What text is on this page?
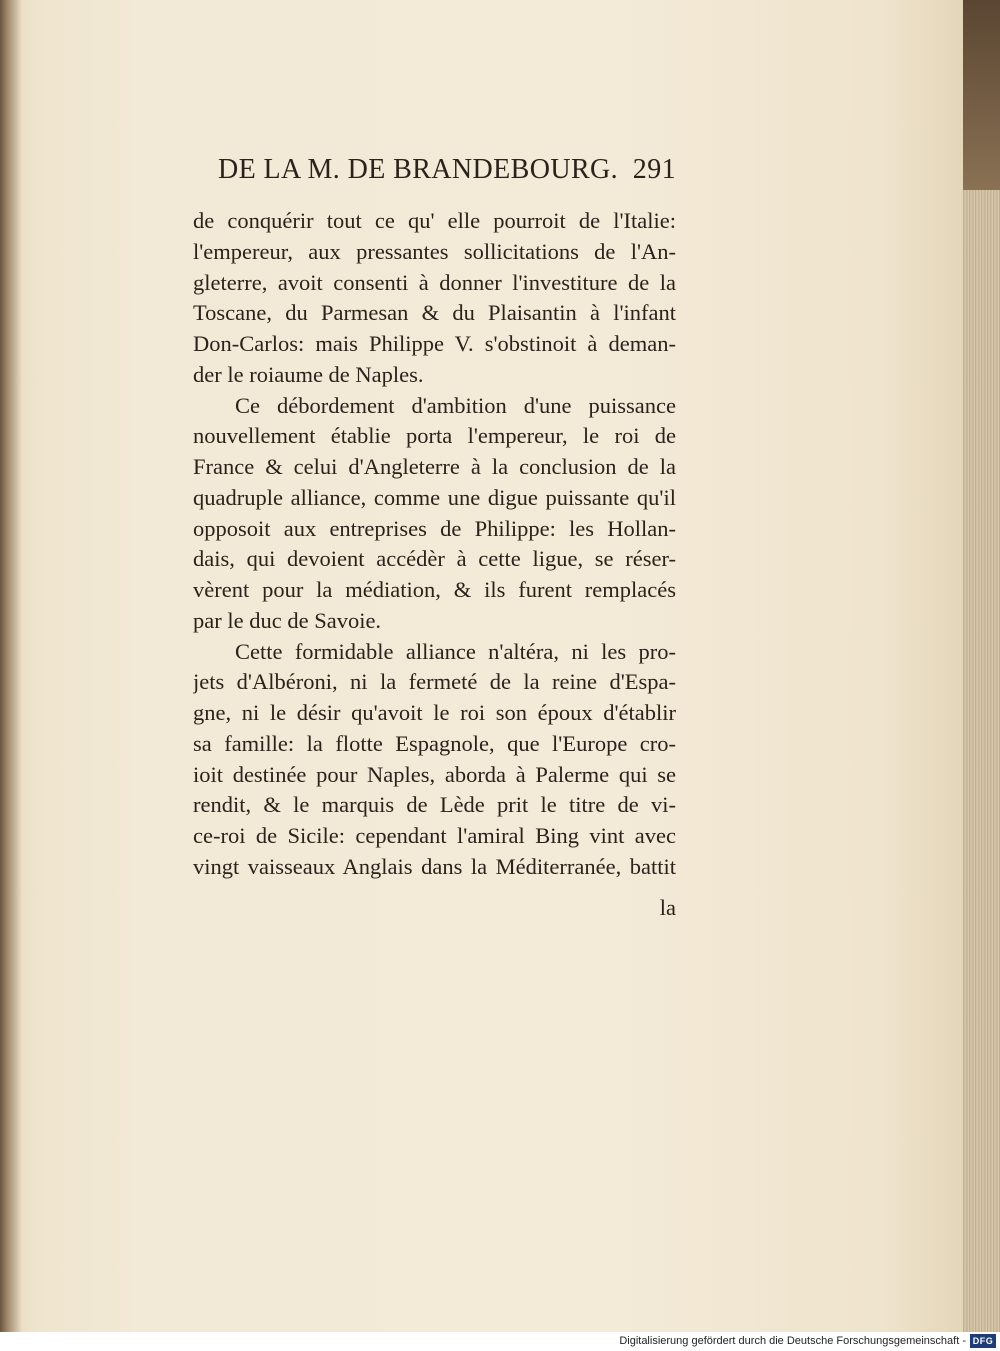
DE LA M. DE BRANDEBOURG. 291
de conquérir tout ce qu' elle pourroit de l'Italie:
l'empereur, aux pressantes sollicitations de l'An-
gleterre, avoit consenti à donner l'investiture de la
Toscane, du Parmesan & du Plaisantin à l'infant
Don-Carlos: mais Philippe V. s'obstinoit à deman-
der le roiaume de Naples.
Ce débordement d'ambition d'une puissance
nouvellement établie porta l'empereur, le roi de
France & celui d'Angleterre à la conclusion de la
quadruple alliance, comme une digue puissante qu'il
opposoit aux entreprises de Philippe: les Hollan-
dais, qui devoient accédèr à cette ligue, se réser-
vèrent pour la médiation, & ils furent remplacés
par le duc de Savoie.
Cette formidable alliance n'altéra, ni les pro-
jets d'Albéroni, ni la fermeté de la reine d'Espa-
gne, ni le désir qu'avoit le roi son époux d'établir
sa famille: la flotte Espagnole, que l'Europe cro-
ioit destinée pour Naples, aborda à Palerme qui se
rendit, & le marquis de Lède prit le titre de vi-
ce-roi de Sicile: cependant l'amiral Bing vint avec
vingt vaisseaux Anglais dans la Méditerranée, battit
la
Digitalisierung gefördert durch die Deutsche Forschungsgemeinschaft - DFG
